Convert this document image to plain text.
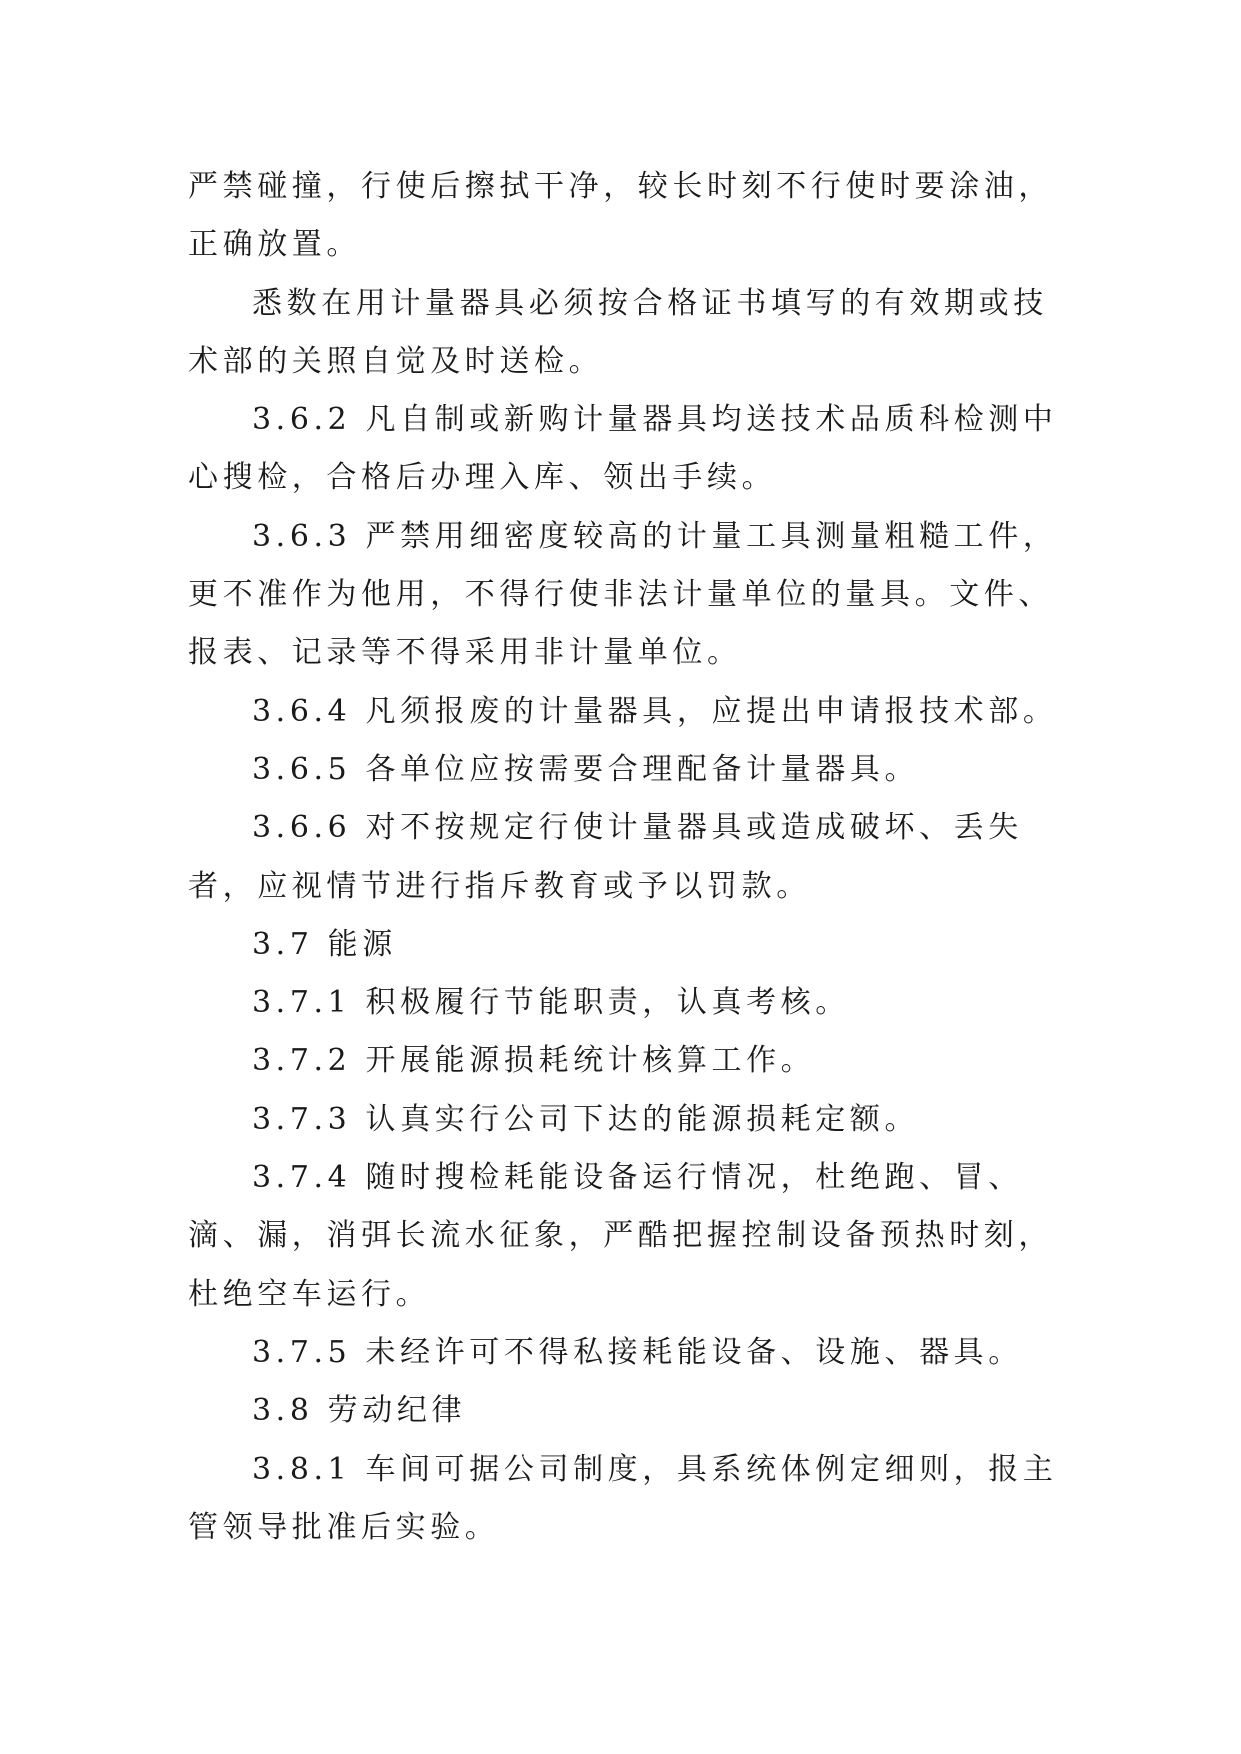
严禁碰撞，行使后擦拭干净，较长时刻不行使时要涂油，正确放置。

悉数在用计量器具必须按合格证书填写的有效期或技术部的关照自觉及时送检。

3.6.2 凡自制或新购计量器具均送技术品质科检测中心搜检，合格后办理入库、领出手续。

3.6.3 严禁用细密度较高的计量工具测量粗糙工件，更不准作为他用，不得行使非法计量单位的量具。文件、报表、记录等不得采用非计量单位。

3.6.4 凡须报废的计量器具，应提出申请报技术部。

3.6.5 各单位应按需要合理配备计量器具。

3.6.6 对不按规定行使计量器具或造成破坏、丢失者，应视情节进行指斥教育或予以罚款。

3.7 能源

3.7.1 积极履行节能职责，认真考核。

3.7.2 开展能源损耗统计核算工作。

3.7.3 认真实行公司下达的能源损耗定额。

3.7.4 随时搜检耗能设备运行情况，杜绝跑、冒、滴、漏，消弭长流水征象，严酷把握控制设备预热时刻，杜绝空车运行。

3.7.5 未经许可不得私接耗能设备、设施、器具。

3.8 劳动纪律

3.8.1 车间可据公司制度，具系统体例定细则，报主管领导批准后实验。
